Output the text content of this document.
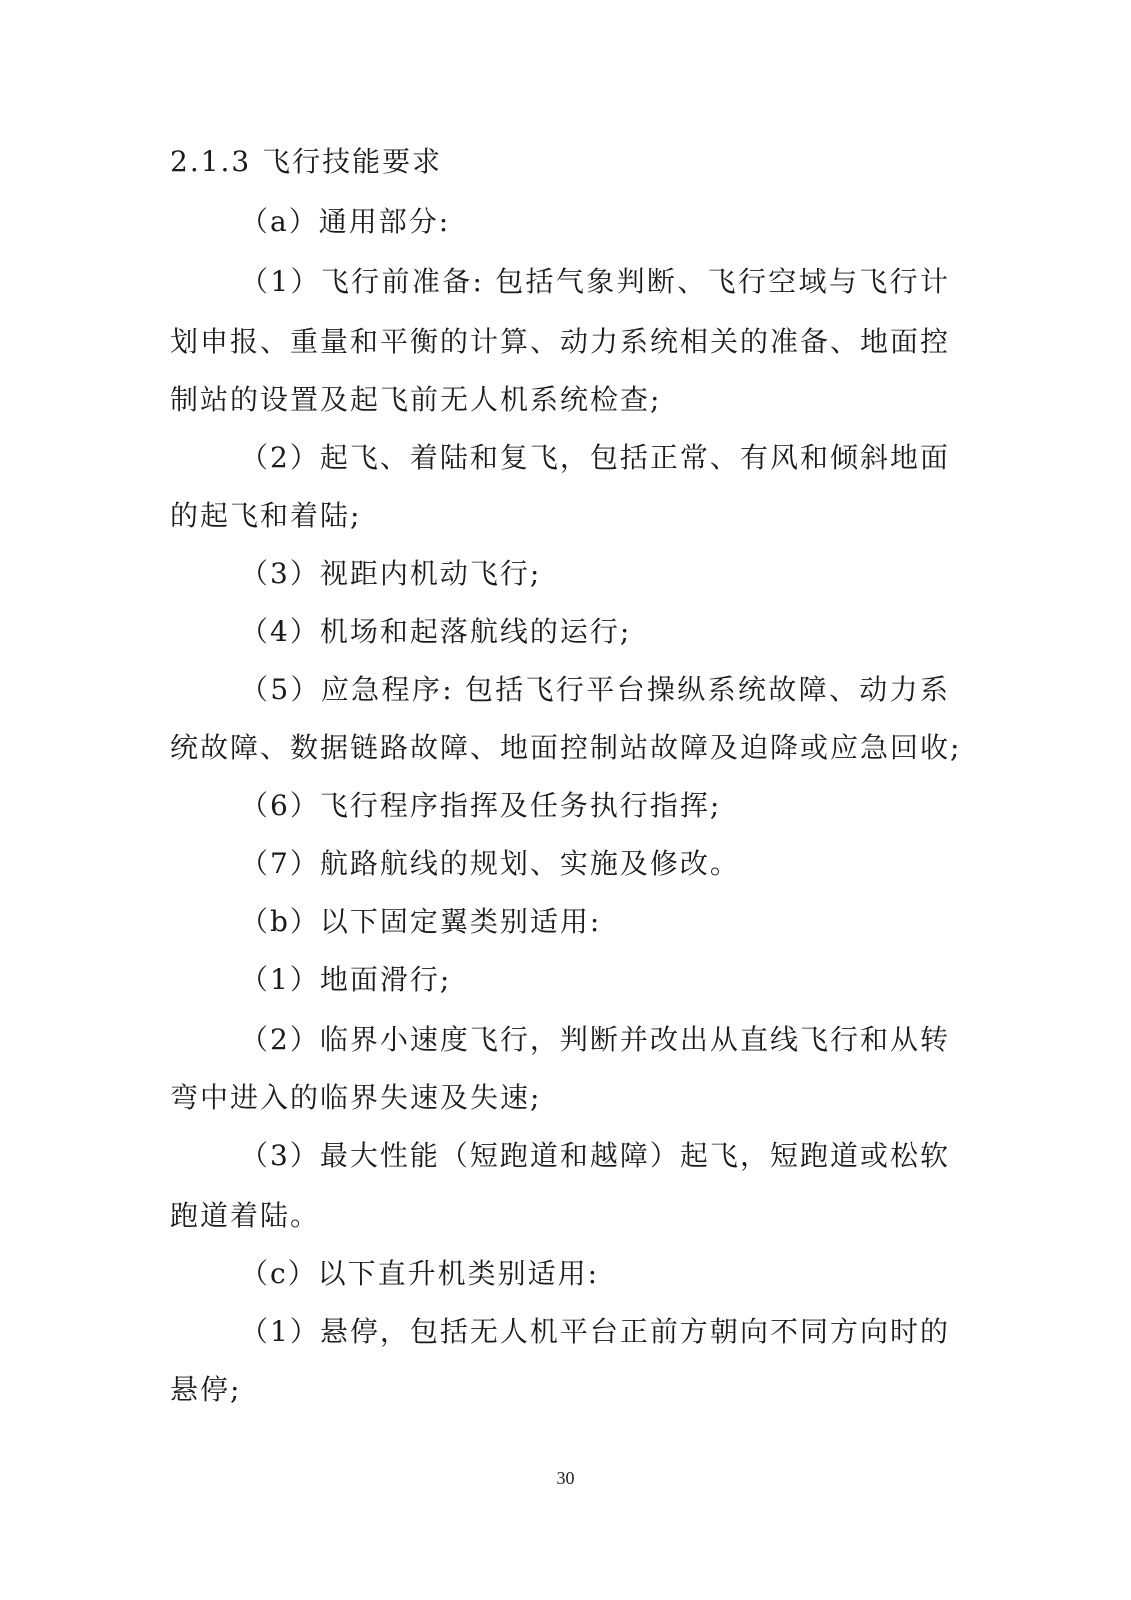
2.1.3 飞行技能要求
（a）通用部分:
（1）飞行前准备: 包括气象判断、飞行空域与飞行计
划申报、重量和平衡的计算、动力系统相关的准备、地面控
制站的设置及起飞前无人机系统检查;
（2）起飞、着陆和复飞，包括正常、有风和倾斜地面
的起飞和着陆;
（3）视距内机动飞行;
（4）机场和起落航线的运行;
（5）应急程序: 包括飞行平台操纵系统故障、动力系
统故障、数据链路故障、地面控制站故障及迫降或应急回收;
（6）飞行程序指挥及任务执行指挥;
（7）航路航线的规划、实施及修改。
（b）以下固定翼类别适用:
（1）地面滑行;
（2）临界小速度飞行，判断并改出从直线飞行和从转
弯中进入的临界失速及失速;
（3）最大性能（短跑道和越障）起飞，短跑道或松软
跑道着陆。
（c）以下直升机类别适用:
（1）悬停，包括无人机平台正前方朝向不同方向时的
悬停;
30
